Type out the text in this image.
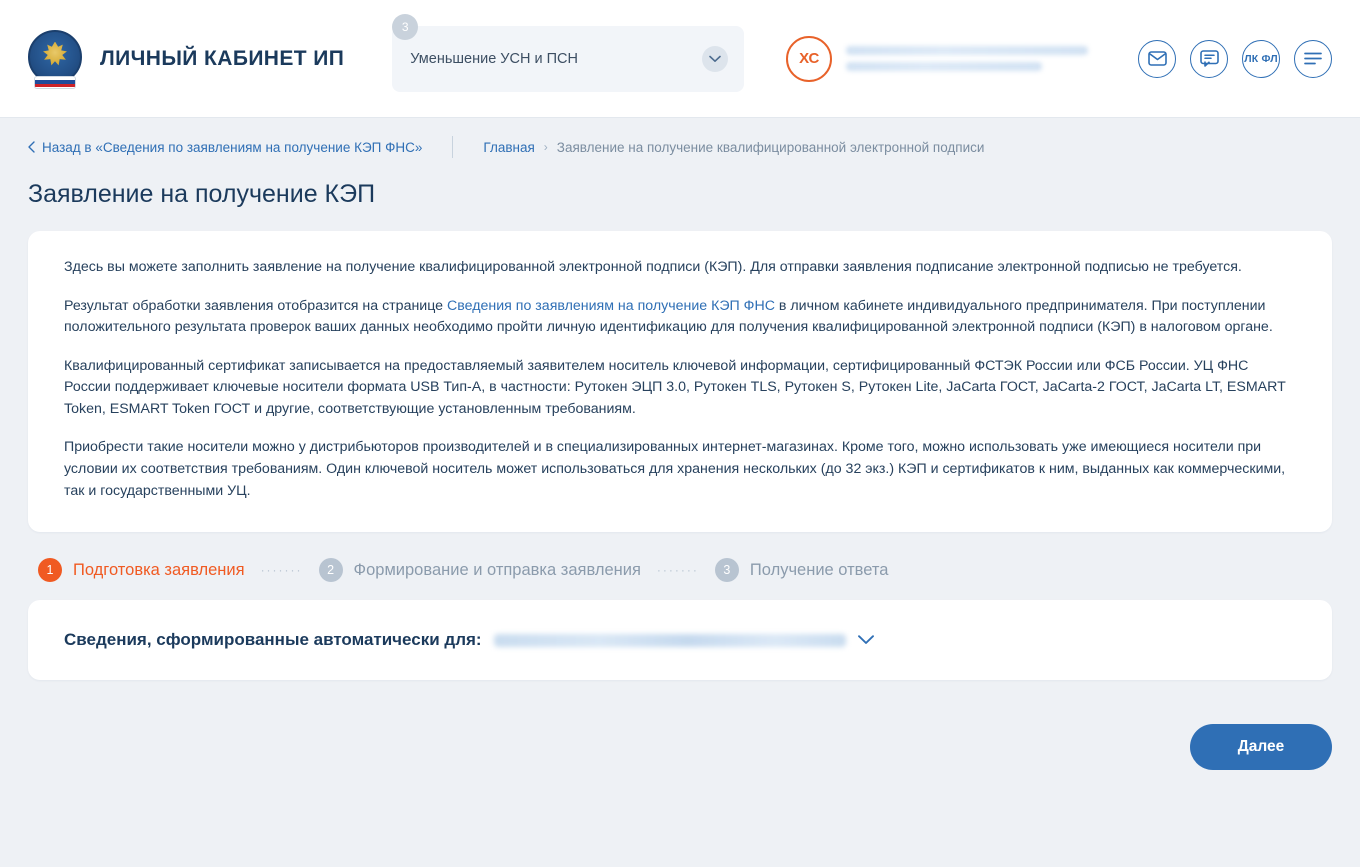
ЛИЧНЫЙ КАБИНЕТ ИП
3
Уменьшение УСН и ПСН	ХС	ЛК ФЛ
Назад в «Сведения по заявлениям на получение КЭП ФНС»	Главная › Заявление на получение квалифицированной электронной подписи
Заявление на получение КЭП

Здесь вы можете заполнить заявление на получение квалифицированной электронной подписи (КЭП). Для отправки заявления подписание электронной подписью не требуется.

Результат обработки заявления отобразится на странице Сведения по заявлениям на получение КЭП ФНС в личном кабинете индивидуального предпринимателя. При поступлении положительного результата проверок ваших данных необходимо пройти личную идентификацию для получения квалифицированной электронной подписи (КЭП) в налоговом органе.

Квалифицированный сертификат записывается на предоставляемый заявителем носитель ключевой информации, сертифицированный ФСТЭК России или ФСБ России. УЦ ФНС России поддерживает ключевые носители формата USB Тип-А, в частности: Рутокен ЭЦП 3.0, Рутокен TLS, Рутокен S, Рутокен Lite, JaCarta ГОСТ, JaCarta-2 ГОСТ, JaCarta LT, ESMART Token, ESMART Token ГОСТ и другие, соответствующие установленным требованиям.

Приобрести такие носители можно у дистрибьюторов производителей и в специализированных интернет-магазинах. Кроме того, можно использовать уже имеющиеся носители при условии их соответствия требованиям. Один ключевой носитель может использоваться для хранения нескольких (до 32 экз.) КЭП и сертификатов к ним, выданных как коммерческими, так и государственными УЦ.

1	Подготовка заявления ·······	2	Формирование и отправка заявления ·······	3	Получение ответа
Сведения, сформированные автоматически для:
Далее
